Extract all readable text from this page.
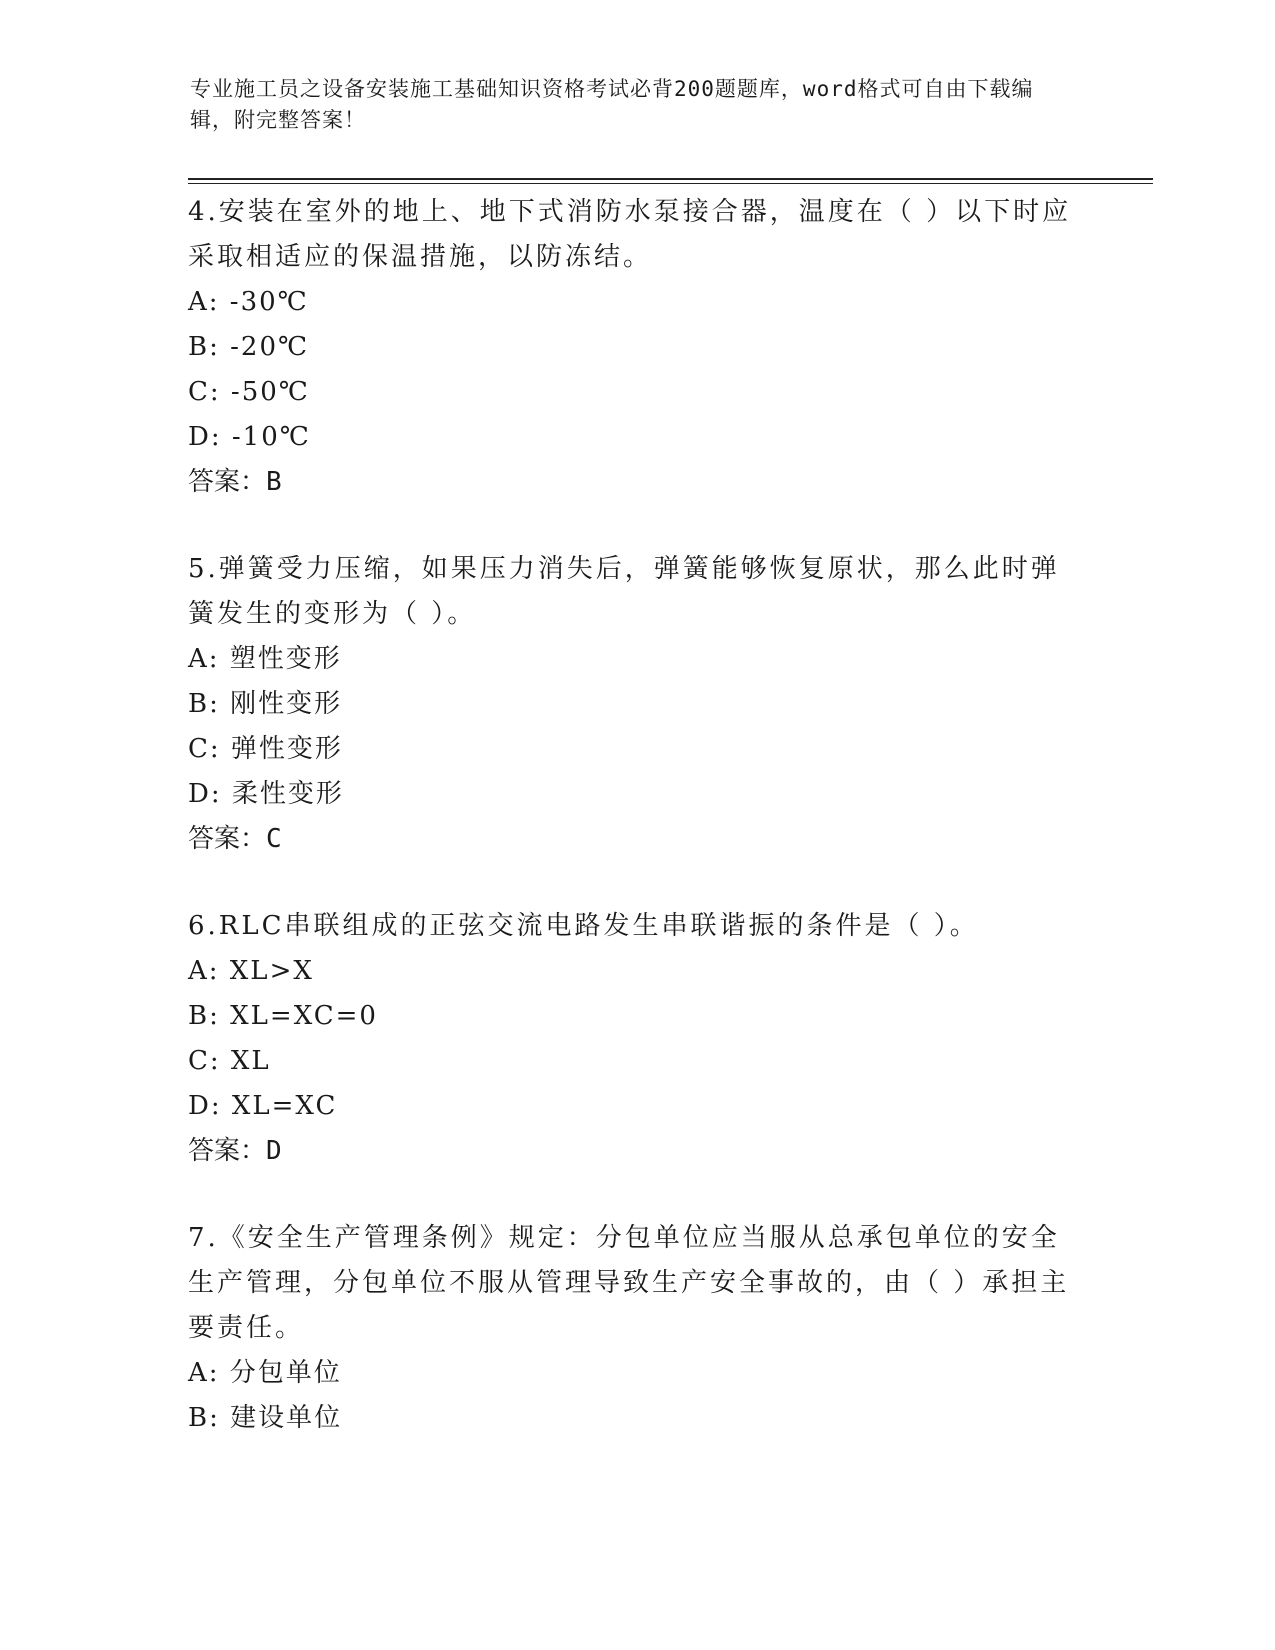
专业施工员之设备安装施工基础知识资格考试必背200题题库，word格式可自由下载编辑，附完整答案！
4.安装在室外的地上、地下式消防水泵接合器，温度在（ ）以下时应采取相适应的保温措施，以防冻结。
A: -30℃
B: -20℃
C: -50℃
D: -10℃
答案：B
5.弹簧受力压缩，如果压力消失后，弹簧能够恢复原状，那么此时弹簧发生的变形为（ ）。
A: 塑性变形
B: 刚性变形
C: 弹性变形
D: 柔性变形
答案：C
6.RLC串联组成的正弦交流电路发生串联谐振的条件是（ ）。
A: XL>X
B: XL=XC=0
C: XL
D: XL=XC
答案：D
7.《安全生产管理条例》规定：分包单位应当服从总承包单位的安全生产管理，分包单位不服从管理导致生产安全事故的，由（ ）承担主要责任。
A: 分包单位
B: 建设单位
